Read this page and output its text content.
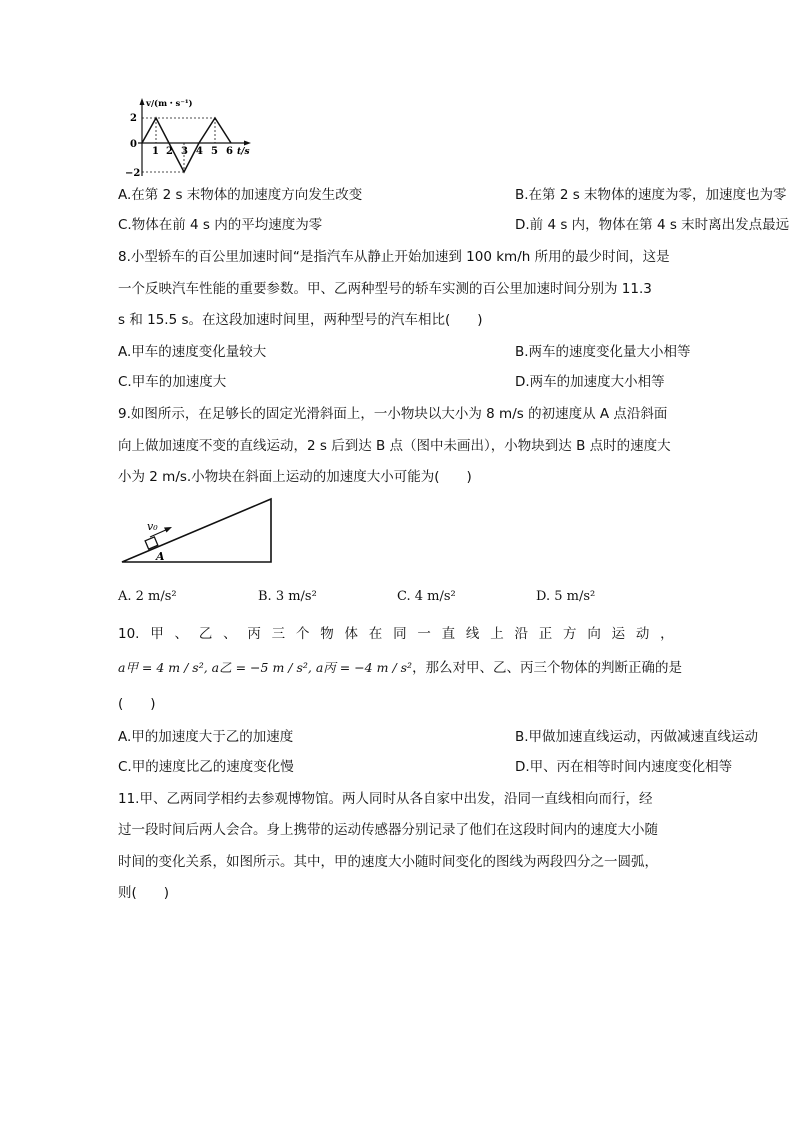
v/(m・s⁻¹)
t/s
2
0
−2
1 2 3 4 5 6
A.在第 2 s 末物体的加速度方向发生改变	B.在第 2 s 末物体的速度为零，加速度也为零
C.物体在前 4 s 内的平均速度为零	D.前 4 s 内，物体在第 4 s 末时离出发点最远
8.小型轿车的百公里加速时间“是指汽车从静止开始加速到 100 km/h 所用的最少时间，这是
一个反映汽车性能的重要参数。甲、乙两种型号的轿车实测的百公里加速时间分别为 11.3
s 和 15.5 s。在这段加速时间里，两种型号的汽车相比(　　)
A.甲车的速度变化量较大	B.两车的速度变化量大小相等
C.甲车的加速度大	D.两车的加速度大小相等
9.如图所示，在足够长的固定光滑斜面上，一小物块以大小为 8 m/s 的初速度从 A 点沿斜面
向上做加速度不变的直线运动，2 s 后到达 B 点（图中未画出），小物块到达 B 点时的速度大
小为 2 m/s.小物块在斜面上运动的加速度大小可能为(　　)
v₀
A
A. 2 m/s²	B. 3 m/s²	C. 4 m/s²	D. 5 m/s²
10. 甲 、 乙 、 丙 三 个 物 体 在 同 一 直 线 上 沿 正 方 向 运 动 ，
a甲 = 4 m / s², a乙 = −5 m / s², a丙 = −4 m / s²，那么对甲、乙、丙三个物体的判断正确的是
(　　)
A.甲的加速度大于乙的加速度	B.甲做加速直线运动，丙做减速直线运动
C.甲的速度比乙的速度变化慢	D.甲、丙在相等时间内速度变化相等
11.甲、乙两同学相约去参观博物馆。两人同时从各自家中出发，沿同一直线相向而行，经
过一段时间后两人会合。身上携带的运动传感器分别记录了他们在这段时间内的速度大小随
时间的变化关系，如图所示。其中，甲的速度大小随时间变化的图线为两段四分之一圆弧，
则(　　)
